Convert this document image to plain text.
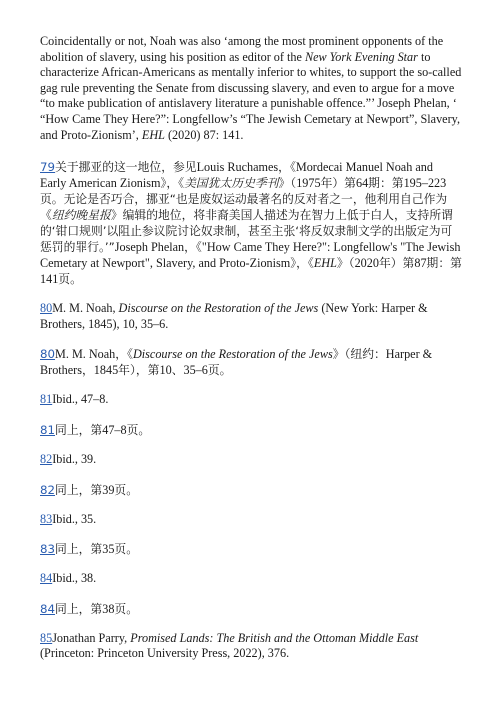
Coincidentally or not, Noah was also ‘among the most prominent opponents of the abolition of slavery, using his position as editor of the New York Evening Star to characterize African-Americans as mentally inferior to whites, to support the so-called gag rule preventing the Senate from discussing slavery, and even to argue for a move “to make publication of antislavery literature a punishable offence.”’ Joseph Phelan, ‘ “How Came They Here?”: Longfellow’s “The Jewish Cemetary at Newport”, Slavery, and Proto-Zionism’, EHL (2020) 87: 141.

79关于挪亚的这一地位，参见Louis Ruchames，《Mordecai Manuel Noah and Early American Zionism》，《美国犹太历史季刊》（1975年）第64期：第195–223页。无论是否巧合，挪亚“也是废奴运动最著名的反对者之一，他利用自己作为《纽约晚星报》编辑的地位，将非裔美国人描述为在智力上低于白人，支持所谓的‘钳口规则’以阻止参议院讨论奴隶制，甚至主张‘将反奴隶制文学的出版定为可惩罚的罪行。’”Joseph Phelan，《"How Came They Here?": Longfellow's "The Jewish Cemetary at Newport", Slavery, and Proto-Zionism》，《EHL》（2020年）第87期：第141页。

80M. M. Noah, Discourse on the Restoration of the Jews (New York: Harper & Brothers, 1845), 10, 35–6.

80M. M. Noah，《Discourse on the Restoration of the Jews》（纽约：Harper & Brothers，1845年），第10、35–6页。

81Ibid., 47–8.

81同上，第47–8页。

82Ibid., 39.

82同上，第39页。

83Ibid., 35.

83同上，第35页。

84Ibid., 38.

84同上，第38页。

85Jonathan Parry, Promised Lands: The British and the Ottoman Middle East (Princeton: Princeton University Press, 2022), 376.
